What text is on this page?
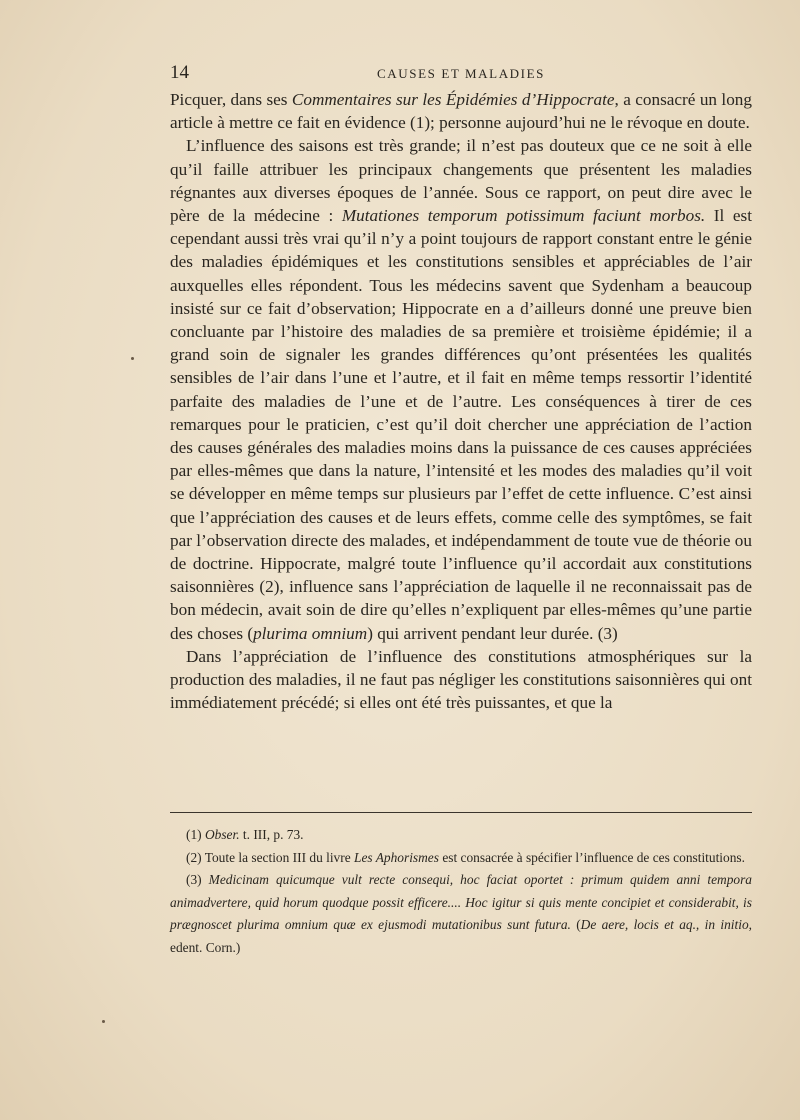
14	CAUSES ET MALADIES

Picquer, dans ses Commentaires sur les Épidémies d’Hippocrate, a consacré un long article à mettre ce fait en évidence (1); personne aujourd’hui ne le révoque en doute.

L’influence des saisons est très grande; il n’est pas douteux que ce ne soit à elle qu’il faille attribuer les principaux changements que présentent les maladies régnantes aux diverses époques de l’année. Sous ce rapport, on peut dire avec le père de la médecine : Mutationes temporum potissimum faciunt morbos. Il est cependant aussi très vrai qu’il n’y a point toujours de rapport constant entre le génie des maladies épidémiques et les constitutions sensibles et appréciables de l’air auxquelles elles répondent. Tous les médecins savent que Sydenham a beaucoup insisté sur ce fait d’observation; Hippocrate en a d’ailleurs donné une preuve bien concluante par l’histoire des maladies de sa première et troisième épidémie; il a grand soin de signaler les grandes différences qu’ont présentées les qualités sensibles de l’air dans l’une et l’autre, et il fait en même temps ressortir l’identité parfaite des maladies de l’une et de l’autre. Les conséquences à tirer de ces remarques pour le praticien, c’est qu’il doit chercher une appréciation de l’action des causes générales des maladies moins dans la puissance de ces causes appréciées par elles-mêmes que dans la nature, l’intensité et les modes des maladies qu’il voit se développer en même temps sur plusieurs par l’effet de cette influence. C’est ainsi que l’appréciation des causes et de leurs effets, comme celle des symptômes, se fait par l’observation directe des malades, et indépendamment de toute vue de théorie ou de doctrine. Hippocrate, malgré toute l’influence qu’il accordait aux constitutions saisonnières (2), influence sans l’appréciation de laquelle il ne reconnaissait pas de bon médecin, avait soin de dire qu’elles n’expliquent par elles-mêmes qu’une partie des choses (plurima omnium) qui arrivent pendant leur durée. (3)

Dans l’appréciation de l’influence des constitutions atmosphériques sur la production des maladies, il ne faut pas négliger les constitutions saisonnières qui ont immédiatement précédé; si elles ont été très puissantes, et que la

(1) Obser. t. III, p. 73.

(2) Toute la section III du livre Les Aphorismes est consacrée à spécifier l’influence de ces constitutions.

(3) Medicinam quicumque vult recte consequi, hoc faciat oportet : primum quidem anni tempora animadvertere, quid horum quodque possit efficere.... Hoc igitur si quis mente concipiet et considerabit, is prægnoscet plurima omnium quæ ex ejusmodi mutationibus sunt futura. (De aere, locis et aq., in initio, edent. Corn.)
